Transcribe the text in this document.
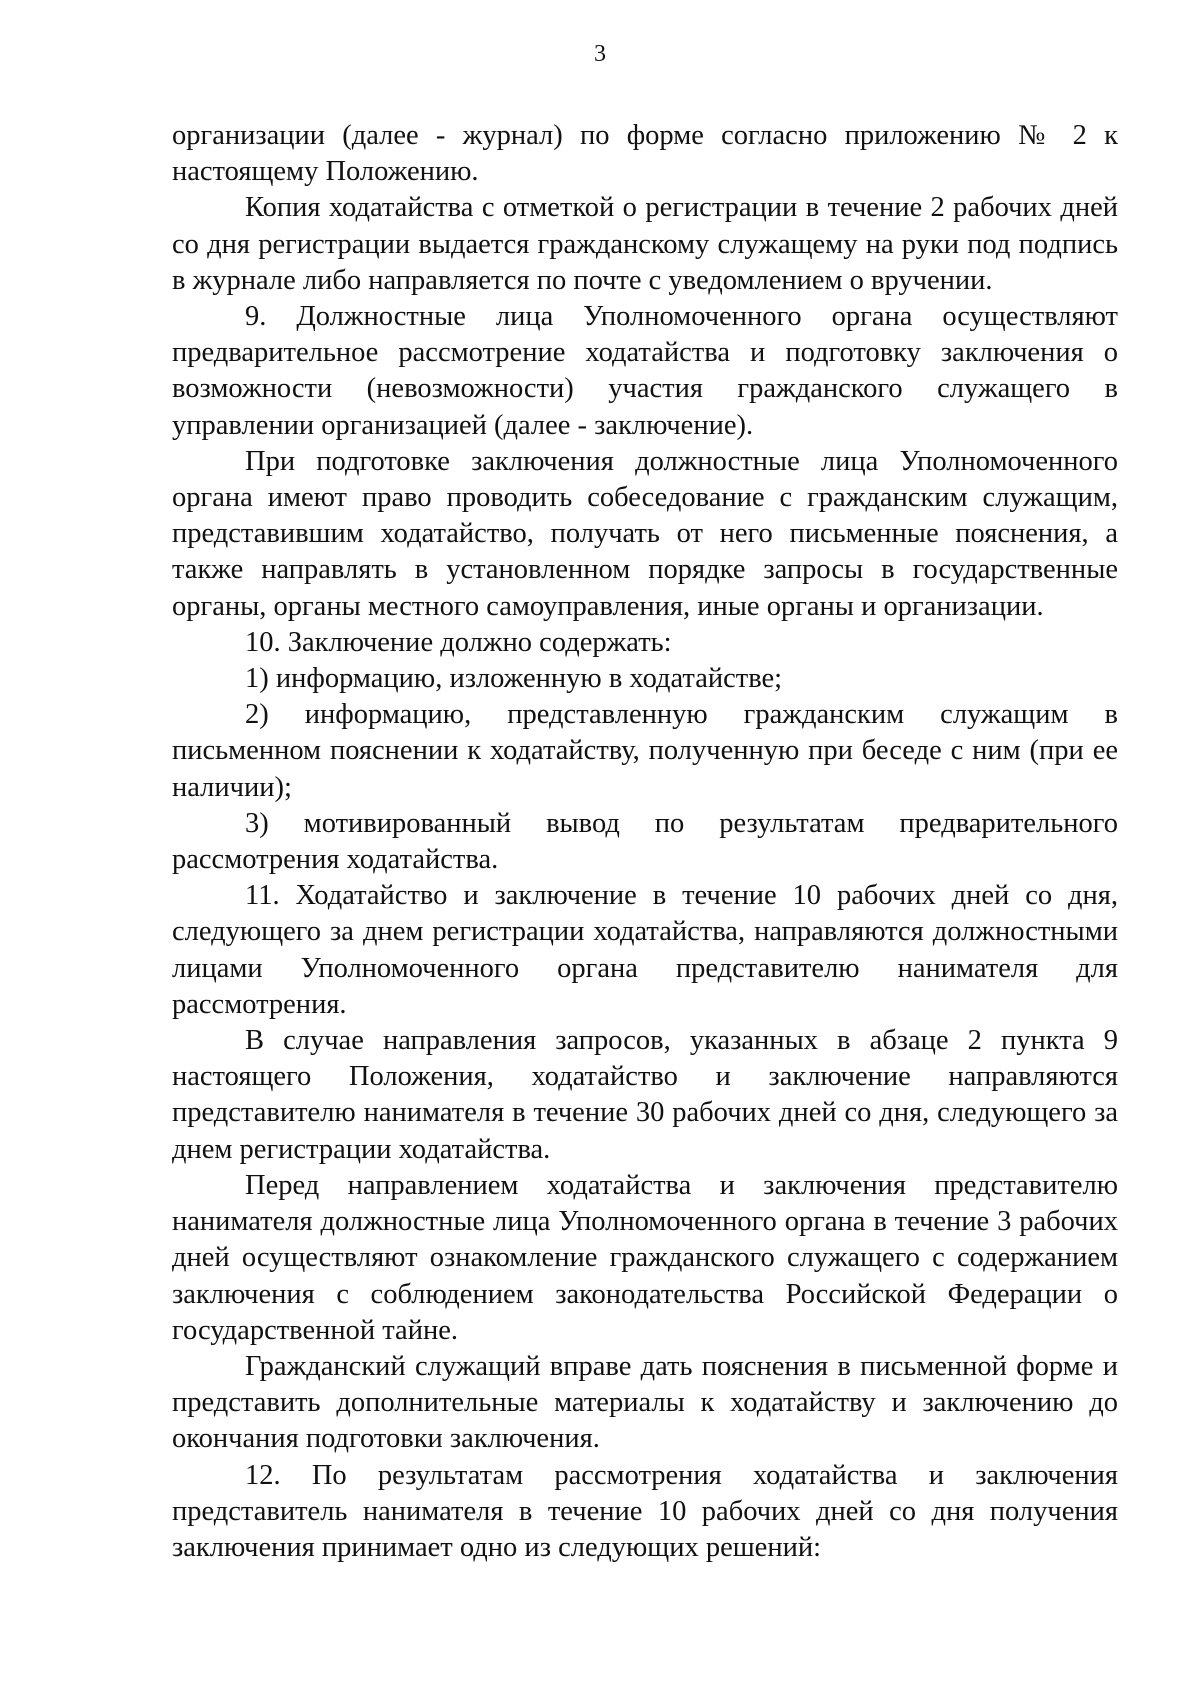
3

организации (далее - журнал) по форме согласно приложению № 2 к настоящему Положению.

Копия ходатайства с отметкой о регистрации в течение 2 рабочих дней со дня регистрации выдается гражданскому служащему на руки под подпись в журнале либо направляется по почте с уведомлением о вручении.

9. Должностные лица Уполномоченного органа осуществляют предварительное рассмотрение ходатайства и подготовку заключения о возможности (невозможности) участия гражданского служащего в управлении организацией (далее - заключение).

При подготовке заключения должностные лица Уполномоченного органа имеют право проводить собеседование с гражданским служащим, представившим ходатайство, получать от него письменные пояснения, а также направлять в установленном порядке запросы в государственные органы, органы местного самоуправления, иные органы и организации.

10. Заключение должно содержать:

1) информацию, изложенную в ходатайстве;

2) информацию, представленную гражданским служащим в письменном пояснении к ходатайству, полученную при беседе с ним (при ее наличии);

3) мотивированный вывод по результатам предварительного рассмотрения ходатайства.

11. Ходатайство и заключение в течение 10 рабочих дней со дня, следующего за днем регистрации ходатайства, направляются должностными лицами Уполномоченного органа представителю нанимателя для рассмотрения.

В случае направления запросов, указанных в абзаце 2 пункта 9 настоящего Положения, ходатайство и заключение направляются представителю нанимателя в течение 30 рабочих дней со дня, следующего за днем регистрации ходатайства.

Перед направлением ходатайства и заключения представителю нанимателя должностные лица Уполномоченного органа в течение 3 рабочих дней осуществляют ознакомление гражданского служащего с содержанием заключения с соблюдением законодательства Российской Федерации о государственной тайне.

Гражданский служащий вправе дать пояснения в письменной форме и представить дополнительные материалы к ходатайству и заключению до окончания подготовки заключения.

12. По результатам рассмотрения ходатайства и заключения представитель нанимателя в течение 10 рабочих дней со дня получения заключения принимает одно из следующих решений:
